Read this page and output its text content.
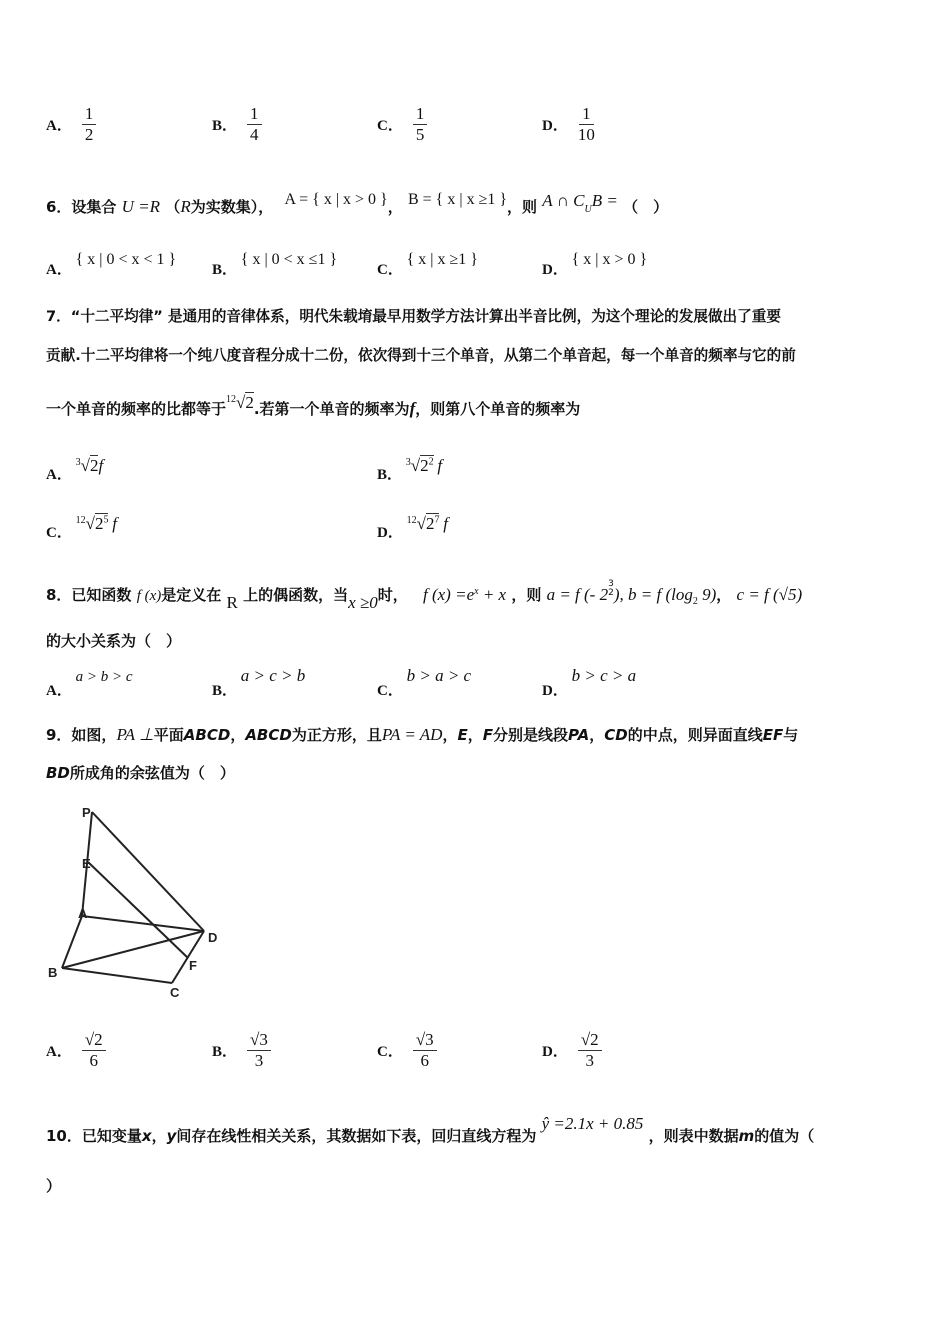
A． $\frac{1}{2}$	B． $\frac{1}{4}$	C． $\frac{1}{5}$	D． $\frac{1}{10}$
6．设集合 U =R （R为实数集）， A = { x | x > 0 }， B = { x | x ≥1 }，则 A ∩ $C_UB$ = （　）
A． { x | 0 < x < 1 }
B． { x | 0 < x ≤1 }
C． { x | x ≥1 }
D． { x | x > 0 }
7．“十二平均律” 是通用的音律体系，明代朱载堉最早用数学方法计算出半音比例，为这个理论的发展做出了重要
贡献.十二平均律将一个纯八度音程分成十二份，依次得到十三个单音，从第二个单音起，每一个单音的频率与它的前
一个单音的频率的比都等于$^{12}$√2.若第一个单音的频率为f，则第八个单音的频率为
A． $^3$√2f	B． $^3√2^2$ f
C． $^{12}√2^5$ f	D． $^{12}√2^7$ f
8．已知函数 f (x)是定义在 R 上的偶函数，当x ≥0时， f $(x) =e^x + x$ ，则 a = f (- 2
3
2 ), b = f ($\log_2$ 9)， c = f (√5)
的大小关系为（　）
A． a > b > c
B． a > c > b
C． b > a > c
D． b > c > a
9．如图，PA ⊥平面ABCD，ABCD为正方形，且PA = AD，E，F分别是线段PA，CD的中点，则异面直线EF与
BD所成角的余弦值为（　）
P
E
A
D
B	F
C
A． $\frac{√2}{6}$	B． $\frac{√3}{3}$	C． $\frac{√3}{6}$	D． $\frac{√2}{3}$
10．已知变量x，y间存在线性相关关系，其数据如下表，回归直线方程为 ŷ =2.1x + 0.85 ，则表中数据m的值为（
）
